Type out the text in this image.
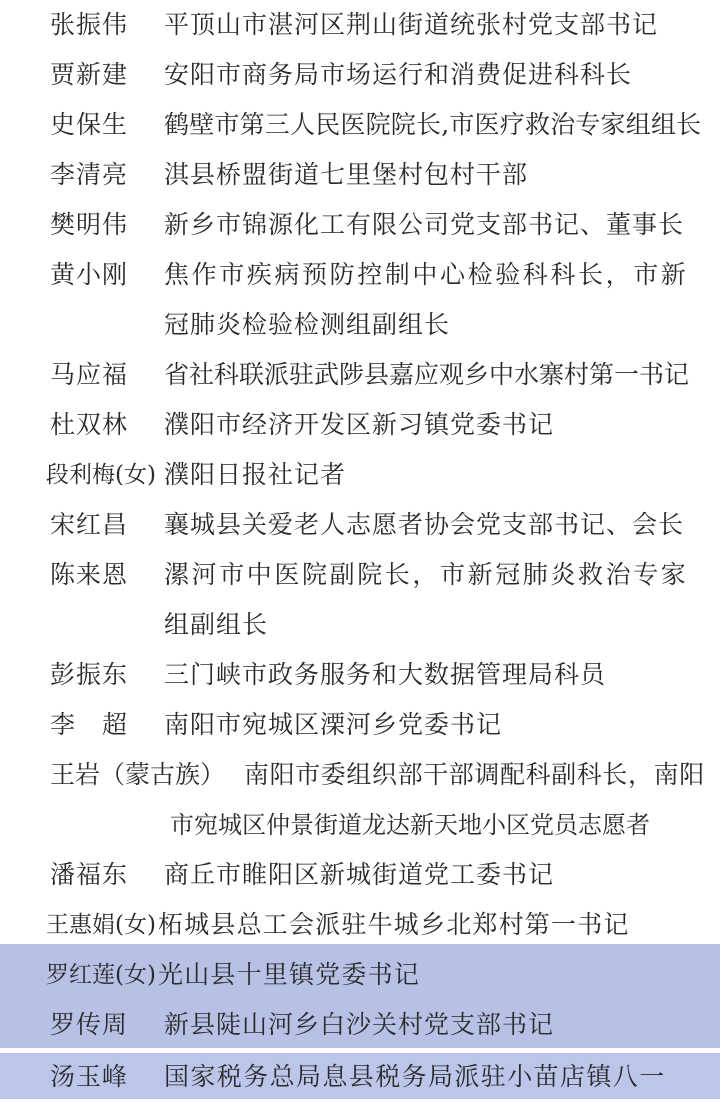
张振伟 平顶山市湛河区荆山街道统张村党支部书记
贾新建 安阳市商务局市场运行和消费促进科科长
史保生 鹤壁市第三人民医院院长,市医疗救治专家组组长
李清亮 淇县桥盟街道七里堡村包村干部
樊明伟 新乡市锦源化工有限公司党支部书记、董事长
黄小刚 焦作市疾病预防控制中心检验科科长，市新
冠肺炎检验检测组副组长
马应福 省社科联派驻武陟县嘉应观乡中水寨村第一书记
杜双林 濮阳市经济开发区新习镇党委书记
段利梅(女) 濮阳日报社记者
宋红昌 襄城县关爱老人志愿者协会党支部书记、会长
陈来恩 漯河市中医院副院长，市新冠肺炎救治专家
组副组长
彭振东 三门峡市政务服务和大数据管理局科员
李　超 南阳市宛城区溧河乡党委书记
王岩（蒙古族） 南阳市委组织部干部调配科副科长，南阳
市宛城区仲景街道龙达新天地小区党员志愿者
潘福东 商丘市睢阳区新城街道党工委书记
王惠娟(女) 柘城县总工会派驻牛城乡北郑村第一书记
罗红莲(女) 光山县十里镇党委书记
罗传周 新县陡山河乡白沙关村党支部书记
汤玉峰 国家税务总局息县税务局派驻小苗店镇八一
